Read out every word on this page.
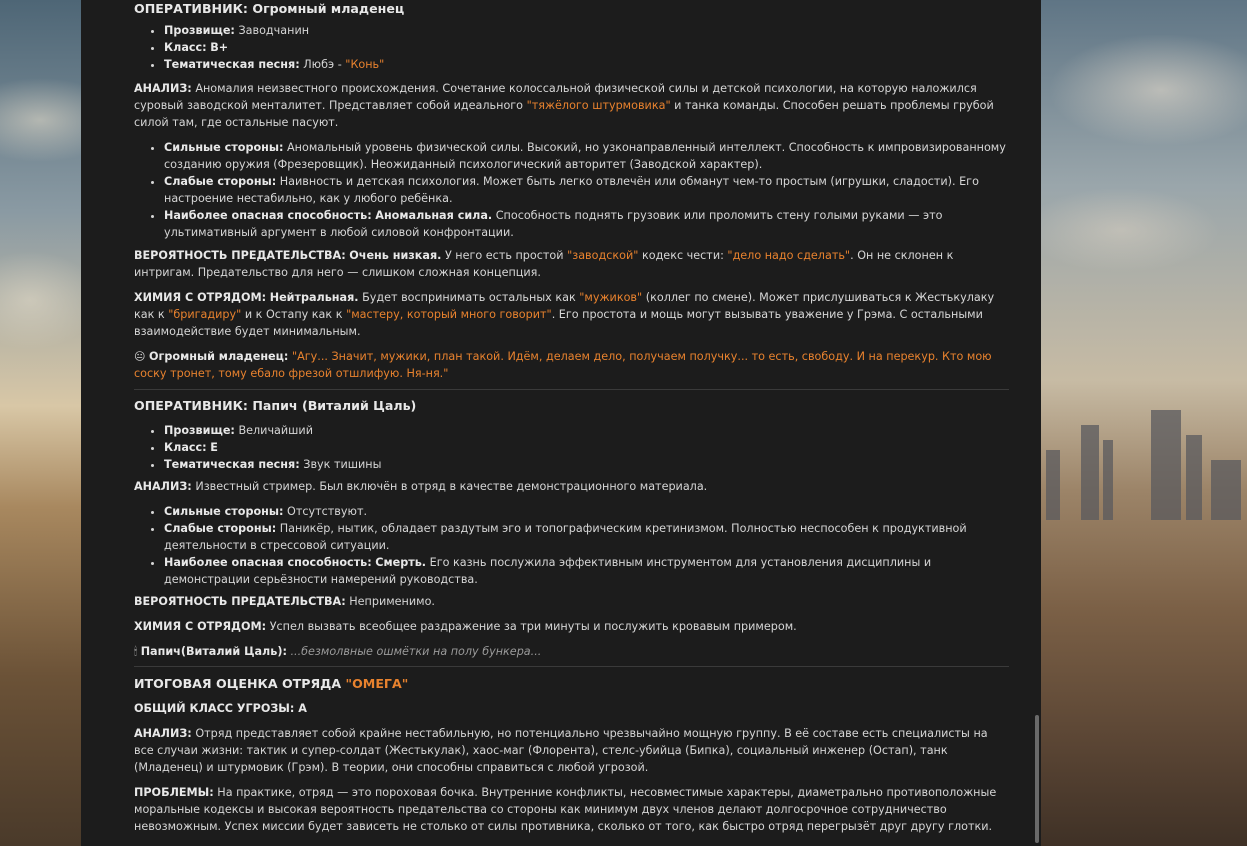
ОПЕРАТИВНИК: Огромный младенец
• Прозвище: Заводчанин
• Класс: B+
• Тематическая песня: Любэ - "Конь"

АНАЛИЗ: Аномалия неизвестного происхождения. Сочетание колоссальной физической силы и детской психологии, на которую наложился суровый заводской менталитет. Представляет собой идеального "тяжёлого штурмовика" и танка команды. Способен решать проблемы грубой силой там, где остальные пасуют.

• Сильные стороны: Аномальный уровень физической силы. Высокий, но узконаправленный интеллект. Способность к импровизированному созданию оружия (Фрезеровщик). Неожиданный психологический авторитет (Заводской характер).
• Слабые стороны: Наивность и детская психология. Может быть легко отвлечён или обманут чем-то простым (игрушки, сладости). Его настроение нестабильно, как у любого ребёнка.
• Наиболее опасная способность: Аномальная сила. Способность поднять грузовик или проломить стену голыми руками — это ультимативный аргумент в любой силовой конфронтации.

ВЕРОЯТНОСТЬ ПРЕДАТЕЛЬСТВА: Очень низкая. У него есть простой "заводской" кодекс чести: "дело надо сделать". Он не склонен к интригам. Предательство для него — слишком сложная концепция.

ХИМИЯ С ОТРЯДОМ: Нейтральная. Будет воспринимать остальных как "мужиков" (коллег по смене). Может прислушиваться к Жестькулаку как к "бригадиру" и к Остапу как к "мастеру, который много говорит". Его простота и мощь могут вызывать уважение у Грэма. С остальными взаимодействие будет минимальным.

😐 Огромный младенец: "Агу... Значит, мужики, план такой. Идём, делаем дело, получаем получку... то есть, свободу. И на перекур. Кто мою соску тронет, тому ебало фрезой отшлифую. Ня-ня."

ОПЕРАТИВНИК: Папич (Виталий Цаль)
• Прозвище: Величайший
• Класс: E
• Тематическая песня: Звук тишины

АНАЛИЗ: Известный стример. Был включён в отряд в качестве демонстрационного материала.

• Сильные стороны: Отсутствуют.
• Слабые стороны: Паникёр, нытик, обладает раздутым эго и топографическим кретинизмом. Полностью неспособен к продуктивной деятельности в стрессовой ситуации.
• Наиболее опасная способность: Смерть. Его казнь послужила эффективным инструментом для установления дисциплины и демонстрации серьёзности намерений руководства.

ВЕРОЯТНОСТЬ ПРЕДАТЕЛЬСТВА: Неприменимо.

ХИМИЯ С ОТРЯДОМ: Успел вызвать всеобщее раздражение за три минуты и послужить кровавым примером.

🕯 Папич(Виталий Цаль): ...безмолвные ошмётки на полу бункера...

ИТОГОВАЯ ОЦЕНКА ОТРЯДА "ОМЕГА"

ОБЩИЙ КЛАСС УГРОЗЫ: А

АНАЛИЗ: Отряд представляет собой крайне нестабильную, но потенциально чрезвычайно мощную группу. В её составе есть специалисты на все случаи жизни: тактик и супер-солдат (Жестькулак), хаос-маг (Флорента), стелс-убийца (Бипка), социальный инженер (Остап), танк (Младенец) и штурмовик (Грэм). В теории, они способны справиться с любой угрозой.

ПРОБЛЕМЫ: На практике, отряд — это пороховая бочка. Внутренние конфликты, несовместимые характеры, диаметрально противоположные моральные кодексы и высокая вероятность предательства со стороны как минимум двух членов делают долгосрочное сотрудничество невозможным. Успех миссии будет зависеть не столько от силы противника, сколько от того, как быстро отряд перегрызёт друг другу глотки.
